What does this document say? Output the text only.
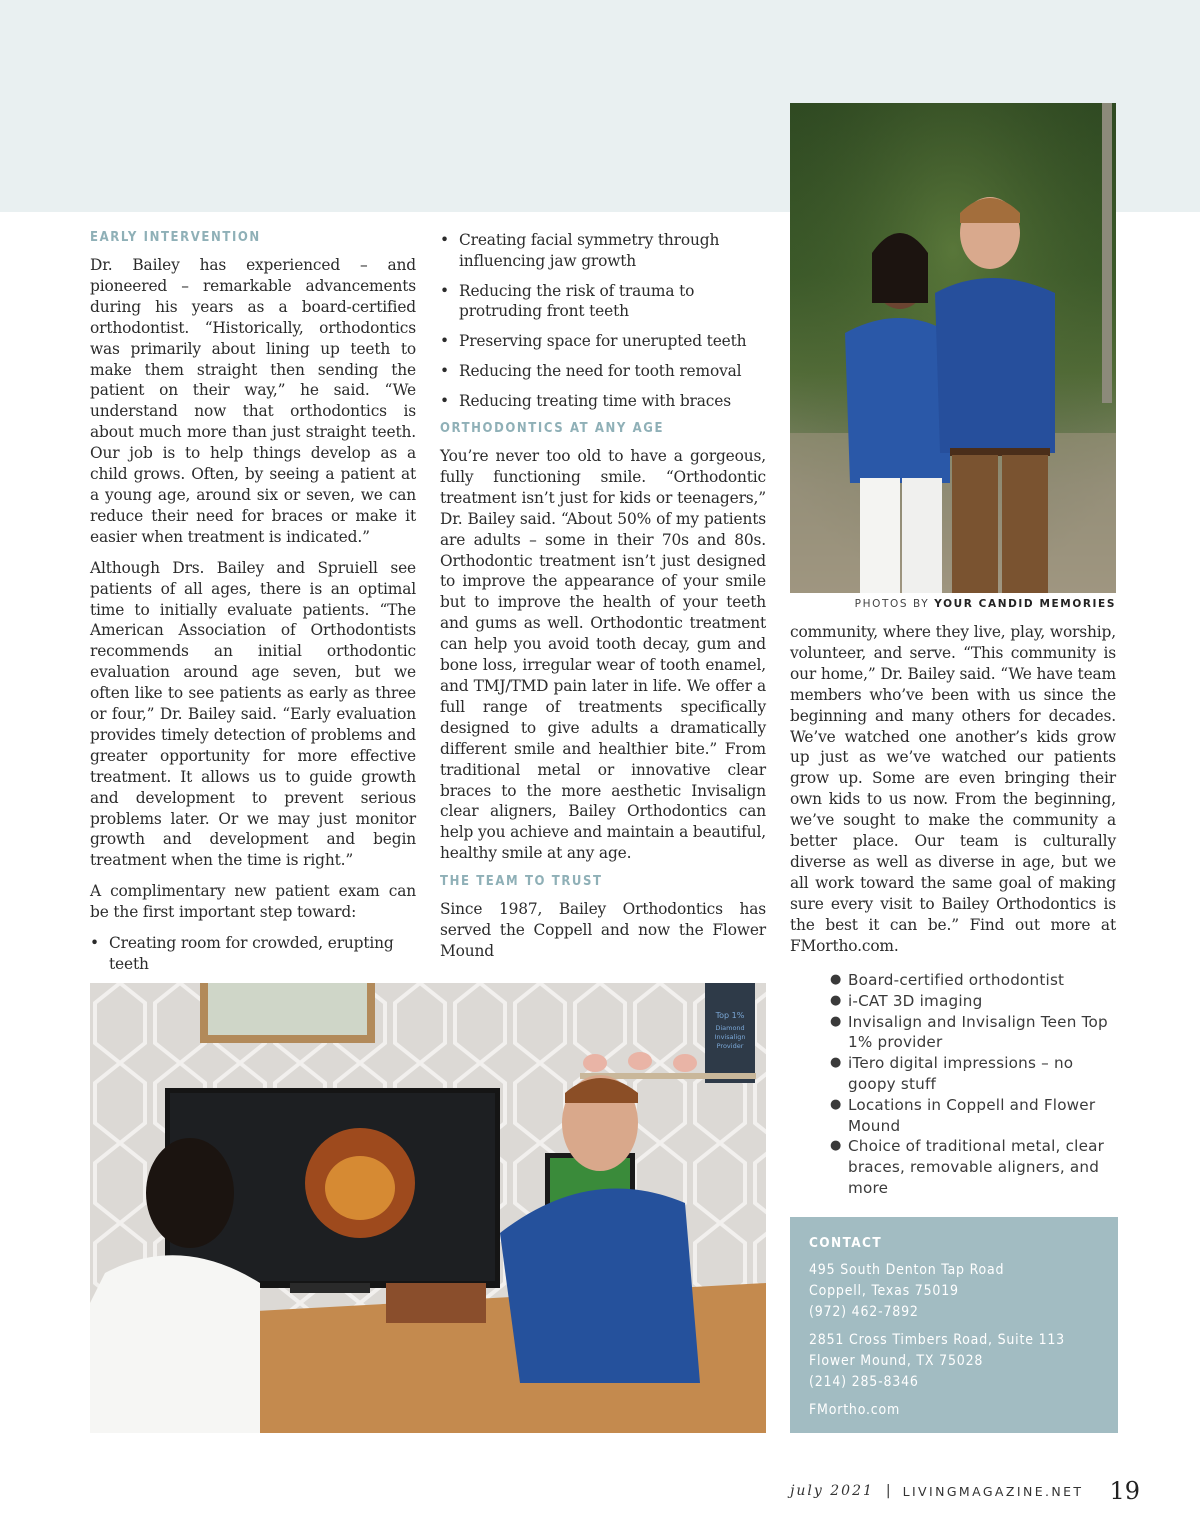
EARLY INTERVENTION

Dr. Bailey has experienced – and pioneered – remarkable advancements during his years as a board-certified orthodontist. “Historically, orthodontics was primarily about lining up teeth to make them straight then sending the patient on their way,” he said. “We understand now that orthodontics is about much more than just straight teeth. Our job is to help things develop as a child grows. Often, by seeing a patient at a young age, around six or seven, we can reduce their need for braces or make it easier when treatment is indicated.”

Although Drs. Bailey and Spruiell see patients of all ages, there is an optimal time to initially evaluate patients. “The American Association of Orthodontists recommends an initial orthodontic evaluation around age seven, but we often like to see patients as early as three or four,” Dr. Bailey said. “Early evaluation provides timely detection of problems and greater opportunity for more effective treatment. It allows us to guide growth and development to prevent serious problems later. Or we may just monitor growth and development and begin treatment when the time is right.”

A complimentary new patient exam can be the first important step toward:

• Creating room for crowded, erupting teeth
• Creating facial symmetry through influencing jaw growth
• Reducing the risk of trauma to protruding front teeth
• Preserving space for unerupted teeth
• Reducing the need for tooth removal
• Reducing treating time with braces
ORTHODONTICS AT ANY AGE

You’re never too old to have a gorgeous, fully functioning smile. “Orthodontic treatment isn’t just for kids or teenagers,” Dr. Bailey said. “About 50% of my patients are adults – some in their 70s and 80s. Orthodontic treatment isn’t just designed to improve the appearance of your smile but to improve the health of your teeth and gums as well. Orthodontic treatment can help you avoid tooth decay, gum and bone loss, irregular wear of tooth enamel, and TMJ/TMD pain later in life. We offer a full range of treatments specifically designed to give adults a dramatically different smile and healthier bite.” From traditional metal or innovative clear braces to the more aesthetic Invisalign clear aligners, Bailey Orthodontics can help you achieve and maintain a beautiful, healthy smile at any age.

THE TEAM TO TRUST

Since 1987, Bailey Orthodontics has served the Coppell and now the Flower Mound

PHOTOS BY YOUR CANDID MEMORIES

community, where they live, play, worship, volunteer, and serve. “This community is our home,” Dr. Bailey said. “We have team members who’ve been with us since the beginning and many others for decades. We’ve watched one another’s kids grow up just as we’ve watched our patients grow up. Some are even bringing their own kids to us now. From the beginning, we’ve sought to make the community a better place. Our team is culturally diverse as well as diverse in age, but we all work toward the same goal of making sure every visit to Bailey Orthodontics is the best it can be.” Find out more at FMortho.com.

Top 1%
Diamond
Invisalign
Provider
● Board-certified orthodontist
● i-CAT 3D imaging
● Invisalign and Invisalign Teen Top 1% provider
● iTero digital impressions – no goopy stuff
● Locations in Coppell and Flower Mound
● Choice of traditional metal, clear braces, removable aligners, and more
CONTACT
495 South Denton Tap Road
Coppell, Texas 75019
(972) 462-7892
2851 Cross Timbers Road, Suite 113
Flower Mound, TX 75028
(214) 285-8346
FMortho.com
july 2021 | LIVINGMAGAZINE.NET 19
